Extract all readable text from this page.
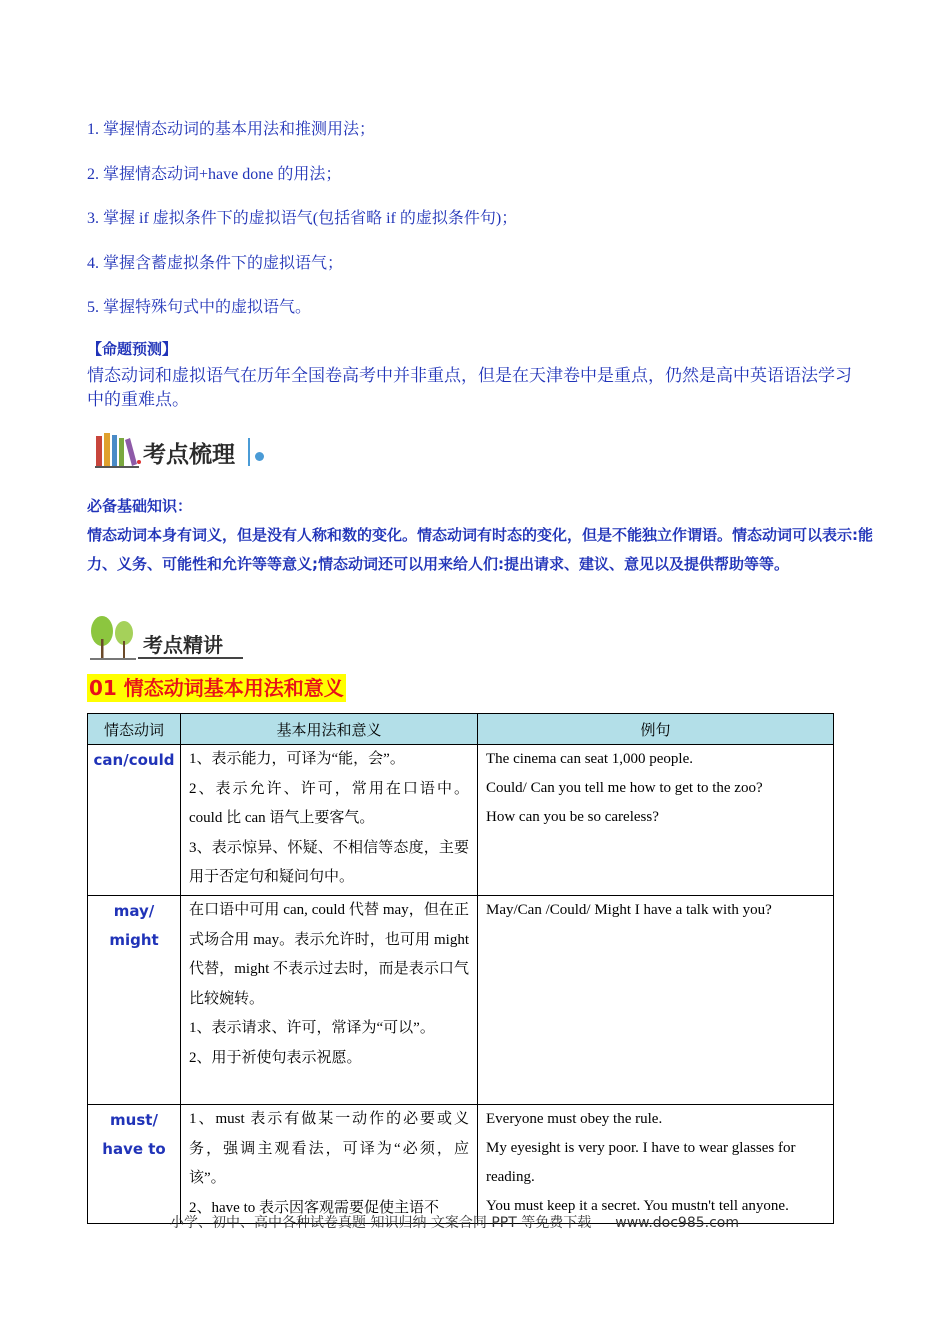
1. 掌握情态动词的基本用法和推测用法；
2. 掌握情态动词+have done 的用法；
3. 掌握 if 虚拟条件下的虚拟语气(包括省略 if 的虚拟条件句)；
4. 掌握含蓄虚拟条件下的虚拟语气；
5. 掌握特殊句式中的虚拟语气。
【命题预测】
情态动词和虚拟语气在历年全国卷高考中并非重点，但是在天津卷中是重点，仍然是高中英语语法学习中的重难点。
考点梳理
必备基础知识：
情态动词本身有词义，但是没有人称和数的变化。情态动词有时态的变化，但是不能独立作谓语。情态动词可以表示:能力、义务、可能性和允许等等意义;情态动词还可以用来给人们:提出请求、建议、意见以及提供帮助等等。
考点精讲
01 情态动词基本用法和意义
情态动词	基本用法和意义	例句

can/could	1、表示能力，可译为“能，会”。
2、表示允许、许可，常用在口语中。could 比 can 语气上要客气。
3、表示惊异、怀疑、不相信等态度，主要用于否定句和疑问句中。	The cinema can seat 1,000 people.
Could/ Can you tell me how to get to the zoo?
How can you be so careless?

may/
might	在口语中可用 can, could 代替 may，但在正式场合用 may。表示允许时，也可用 might 代替，might 不表示过去时，而是表示口气比较婉转。
1、表示请求、许可，常译为“可以”。
2、用于祈使句表示祝愿。	May/Can /Could/ Might I have a talk with you?

must/
have to	1、must 表示有做某一动作的必要或义务，强调主观看法，可译为“必须，应该”。
2、have to 表示因客观需要促使主语不	Everyone must obey the rule.
My eyesight is very poor. I have to wear glasses for reading.
You must keep it a secret. You mustn't tell anyone.
小学、初中、高中各种试卷真题 知识归纳 文案合同 PPT 等免费下载 www.doc985.com
